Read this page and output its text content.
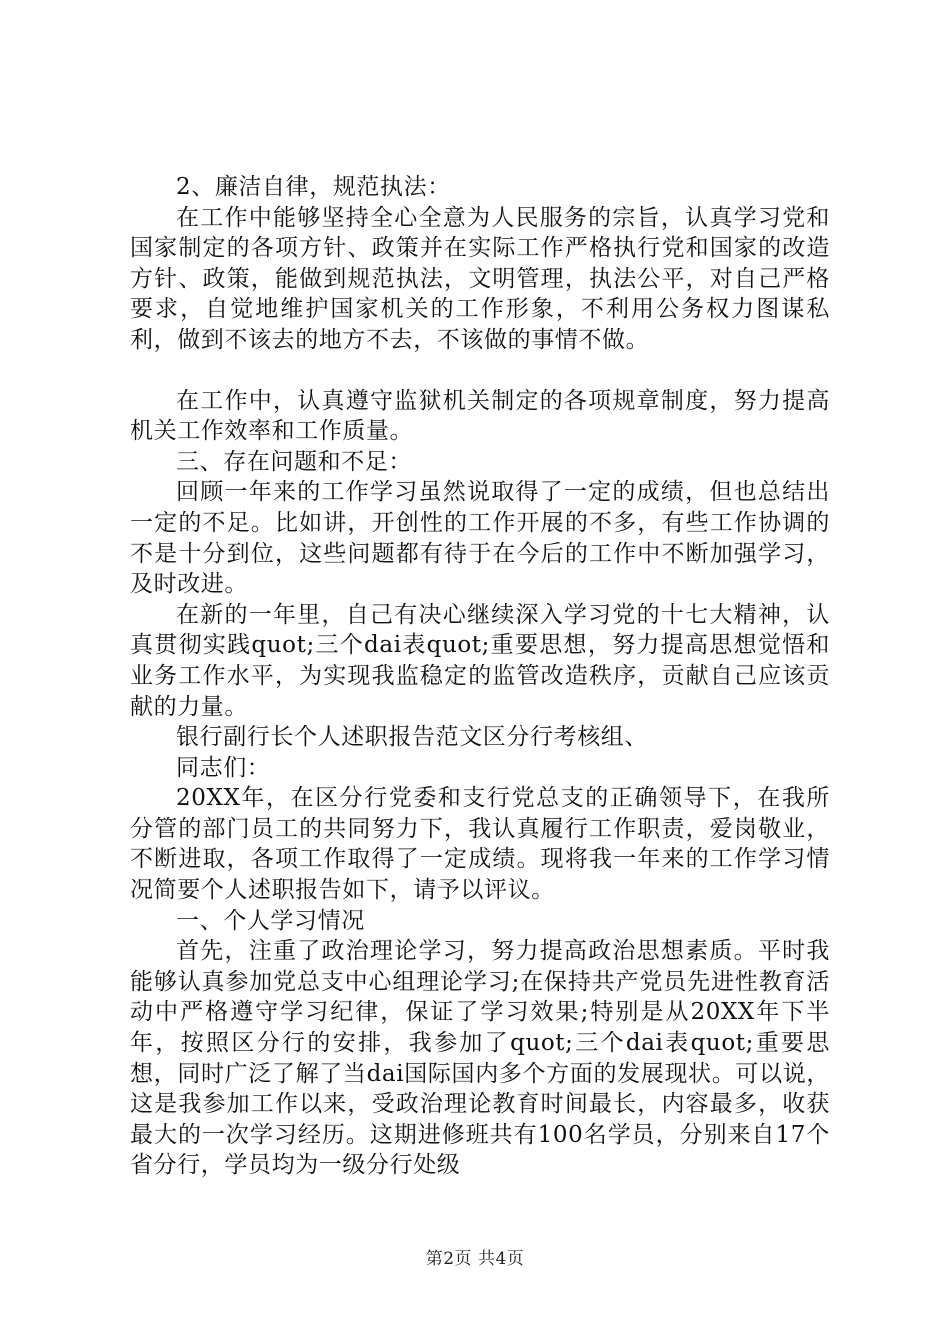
2、廉洁自律，规范执法：

在工作中能够坚持全心全意为人民服务的宗旨，认真学习党和国家制定的各项方针、政策并在实际工作严格执行党和国家的改造方针、政策，能做到规范执法，文明管理，执法公平，对自己严格要求，自觉地维护国家机关的工作形象，不利用公务权力图谋私利，做到不该去的地方不去，不该做的事情不做。

在工作中，认真遵守监狱机关制定的各项规章制度，努力提高机关工作效率和工作质量。

三、存在问题和不足：

回顾一年来的工作学习虽然说取得了一定的成绩，但也总结出一定的不足。比如讲，开创性的工作开展的不多，有些工作协调的不是十分到位，这些问题都有待于在今后的工作中不断加强学习，及时改进。

在新的一年里，自己有决心继续深入学习党的十七大精神，认真贯彻实践quot;三个dai表quot;重要思想，努力提高思想觉悟和业务工作水平，为实现我监稳定的监管改造秩序，贡献自己应该贡献的力量。

银行副行长个人述职报告范文区分行考核组、

同志们：

20XX年，在区分行党委和支行党总支的正确领导下，在我所分管的部门员工的共同努力下，我认真履行工作职责，爱岗敬业，不断进取，各项工作取得了一定成绩。现将我一年来的工作学习情况简要个人述职报告如下，请予以评议。

一、个人学习情况

首先，注重了政治理论学习，努力提高政治思想素质。平时我能够认真参加党总支中心组理论学习;在保持共产党员先进性教育活动中严格遵守学习纪律，保证了学习效果;特别是从20XX年下半年，按照区分行的安排，我参加了quot;三个dai表quot;重要思想，同时广泛了解了当dai国际国内多个方面的发展现状。可以说，这是我参加工作以来，受政治理论教育时间最长，内容最多，收获最大的一次学习经历。这期进修班共有100名学员，分别来自17个省分行，学员均为一级分行处级

第2页 共4页
